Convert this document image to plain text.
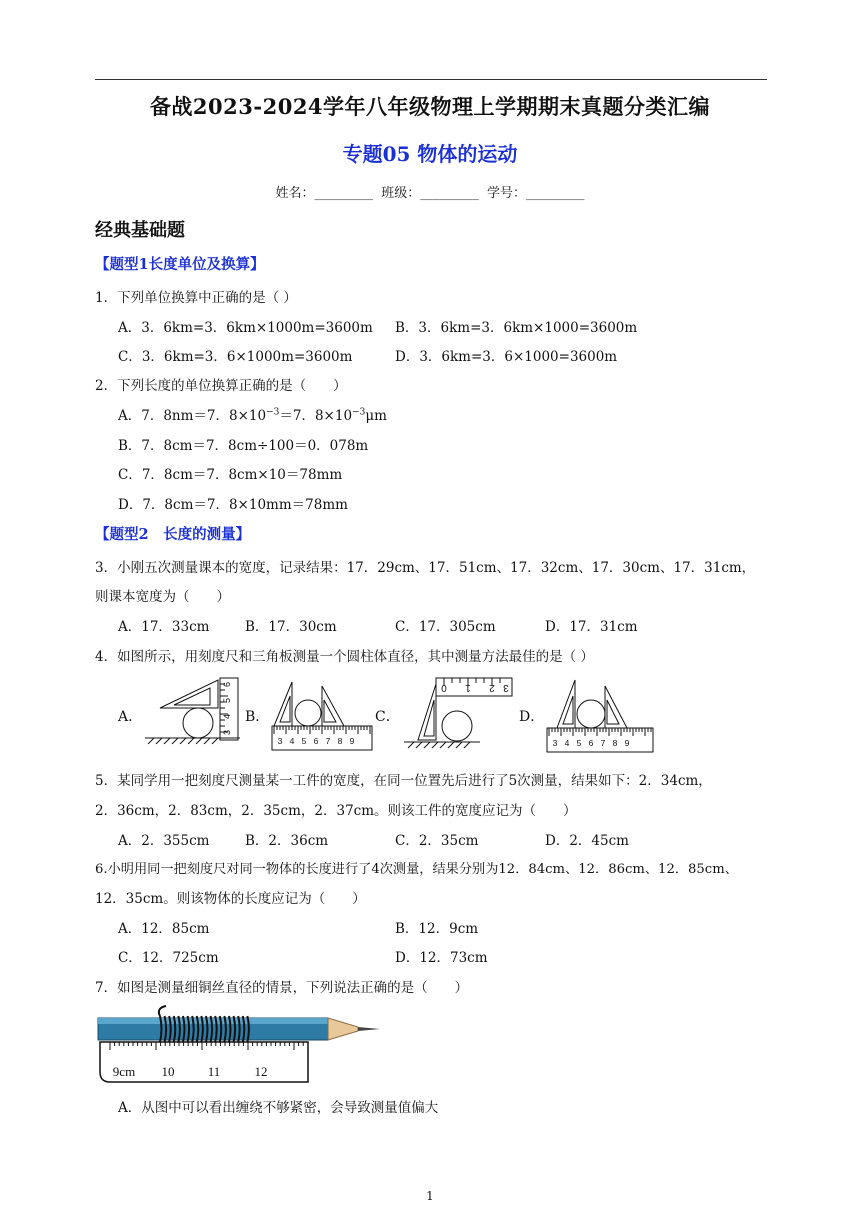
备战2023-2024学年八年级物理上学期期末真题分类汇编
专题05 物体的运动
姓名：_________ 班级：_________ 学号：_________
经典基础题
【题型1长度单位及换算】
1．下列单位换算中正确的是（ ）
A．3．6km=3．6km×1000m=3600m B．3．6km=3．6km×1000=3600m
C．3．6km=3．6×1000m=3600m	D．3．6km=3．6×1000=3600m
2．下列长度的单位换算正确的是（　　）
A．7．8nm＝7．$8\times 10^{-3}=7$．$8\times 10^{-3}\mu m$
B．7．8cm＝7．8cm÷100＝0．078m
C．7．8cm＝7．8cm×10＝78mm
D．7．8cm＝7．8×10mm＝78mm
【题型2　长度的测量】
3．小刚五次测量课本的宽度，记录结果：17．29cm、17．51cm、17．32cm、17．30cm、17．31cm，
则课本宽度为（　　）
A．17．33cm	B．17．30cm	C．17．305cm	D．17．31cm
4．如图所示，用刻度尺和三角板测量一个圆柱体直径，其中测量方法最佳的是（ ）
A．	B．	C．	D．
3
4
5
6
3 4 5 6 7 8 9
0 1 2 3
3 4 5 6 7 8 9
5．某同学用一把刻度尺测量某一工件的宽度，在同一位置先后进行了5次测量，结果如下：2．34cm，
2．36cm，2．83cm，2．35cm，2．37cm。则该工件的宽度应记为（　　）
A．2．355cm	B．2．36cm	C．2．35cm	D．2．45cm
6.小明用同一把刻度尺对同一物体的长度进行了4次测量，结果分别为12．84cm、12．86cm、12．85cm、
12．35cm。则该物体的长度应记为（　　）
A．12．85cm	B．12．9cm
C．12．725cm	D．12．73cm
7．如图是测量细铜丝直径的情景，下列说法正确的是（　　）
9cm 10	11	12
A．从图中可以看出缠绕不够紧密，会导致测量值偏大
1
